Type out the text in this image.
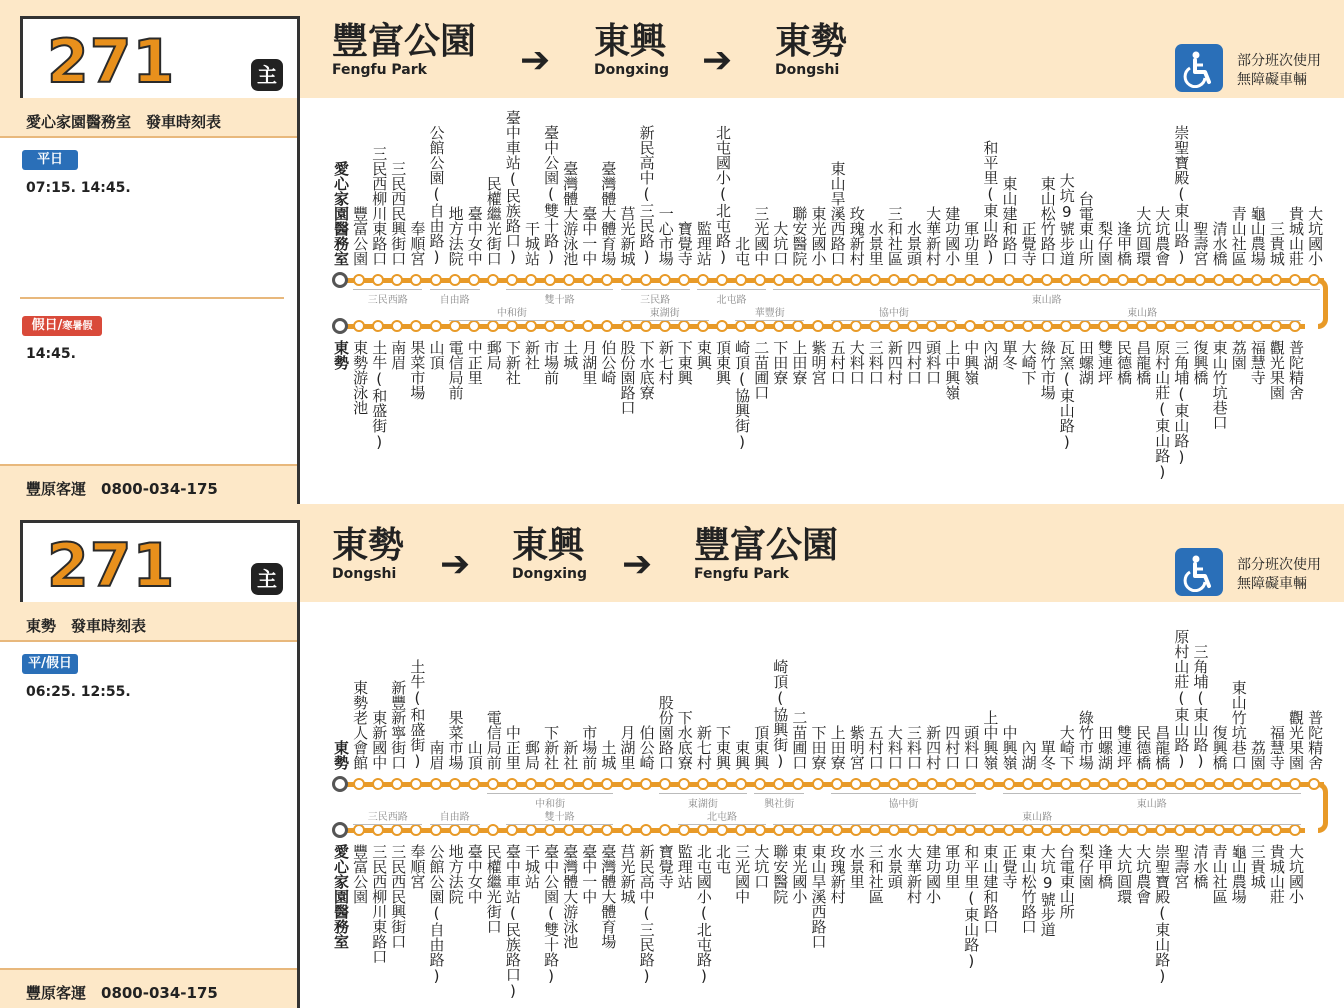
271	主
豐富公園
Fengfu Park
東興
Dongxing
東勢
Dongshi
➔	➔	部分班次使用
無障礙車輛
愛心家園醫務室　發車時刻表
平日
07:15. 14:45.
假日/寒暑假
14:45.
豐原客運　0800-034-175
愛心家園醫務室 豐富公園 三民西柳川東路口 三民西民興街口 奉順宮 公館公園(自由路) 地方法院 臺中女中 民權繼光街口 臺中車站(民族路口) 干城站 臺中公園(雙十路) 臺灣體大游泳池 臺中一中 臺灣體大體育場 莒光新城 新民高中(三民路) 一心市場 寶覺寺 監理站 北屯國小(北屯路) 北屯 三光國中 大坑口 聯安醫院 東光國小 東山旱溪西路口 玫瑰新村 水景里 三和社區 水景頭 大華新村 建功國小 軍功里 和平里(東山路) 東山建和路口 正覺寺 東山松竹路口 大坑9號步道 台電東山所 梨仔園 逢甲橋 大坑圓環 大坑農會 崇聖寶殿(東山路) 聖壽宮 清水橋 青山社區 龜山農場 三貴城 貴城山莊 大坑國小
東勢 東勢游泳池 土牛(和盛街) 南眉 果菜市場 山頂 電信局前 中正里 郵局 下新社 新社 市場前 土城 月湖里 伯公崎 股份園路口 下水底寮 新七村 下東興 東興 頂東興 崎頂(協興街) 二苗圃口 下田寮 上田寮 紫明宮 五村口 大料口 三料口 新四村 四村口 頭料口 上中興嶺 中興嶺 內湖 單冬 大崎下 綠竹市場 瓦窯(東山路) 田螺湖 雙連坪 民德橋 昌龍橋 原村山莊(東山路) 三角埔(東山路) 復興橋 東山竹坑巷口 荔園 福慧寺 觀光果園 普陀精舍
三民西路	自由路	雙十路	三民路	北屯路	東山路
中和街	東湖街	華豐街	協中街	東山路
271	主
東勢
Dongshi
東興
Dongxing
豐富公園
Fengfu Park
➔	➔	部分班次使用
無障礙車輛
東勢　發車時刻表
平/假日
06:25. 12:55.
豐原客運　0800-034-175
東勢 東勢老人會館 東新國中 新豐新寧街口 土牛(和盛街) 南眉 果菜市場 山頂 電信局前 中正里 郵局 下新社 新社 市場前 土城 月湖里 伯公崎 股份園路口 下水底寮 新七村 下東興 東興 頂東興 崎頂(協興街) 二苗圃口 下田寮 上田寮 紫明宮 五村口 大料口 三料口 新四村 四村口 頭料口 上中興嶺 中興嶺 內湖 單冬 大崎下 綠竹市場 田螺湖 雙連坪 民德橋 昌龍橋 原村山莊(東山路) 三角埔(東山路) 復興橋 東山竹坑巷口 荔園 福慧寺 觀光果園 普陀精舍
愛心家園醫務室 豐富公園 三民西柳川東路口 三民西民興街口 奉順宮 公館公園(自由路) 地方法院 臺中女中 民權繼光街口 臺中車站(民族路口) 干城站 臺中公園(雙十路) 臺灣體大游泳池 臺中一中 臺灣體大體育場 莒光新城 新民高中(三民路) 寶覺寺 監理站 北屯國小(北屯路) 北屯 三光國中 大坑口 聯安醫院 東光國小 東山旱溪西路口 玫瑰新村 水景里 三和社區 水景頭 大華新村 建功國小 軍功里 和平里(東山路) 東山建和路口 正覺寺 東山松竹路口 大坑9號步道 台電東山所 梨仔園 逢甲橋 大坑圓環 大坑農會 崇聖寶殿(東山路) 聖壽宮 清水橋 青山社區 龜山農場 三貴城 貴城山莊 大坑國小
中和街	東湖街	興社街	協中街	東山路
三民西路	自由路	雙十路	北屯路	東山路
